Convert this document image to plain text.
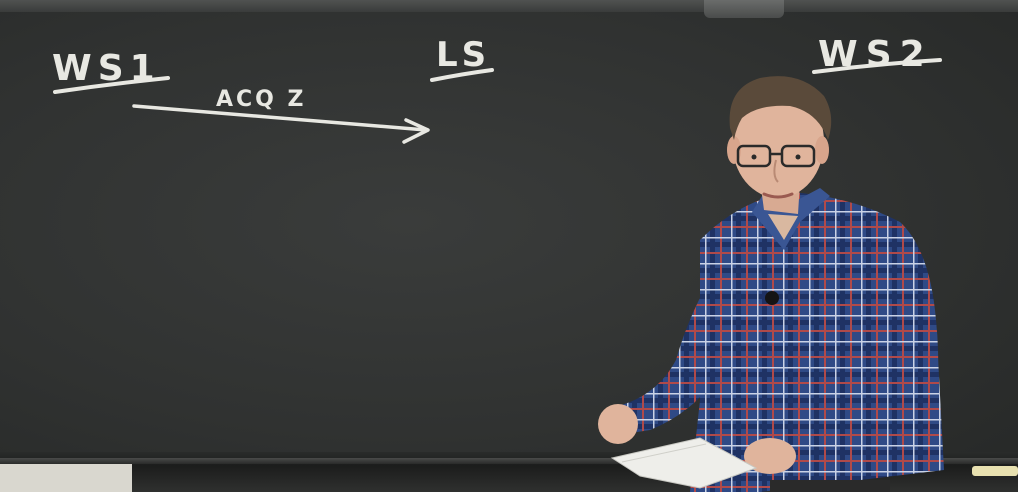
WS1	LS	WS2
ACQ Z
